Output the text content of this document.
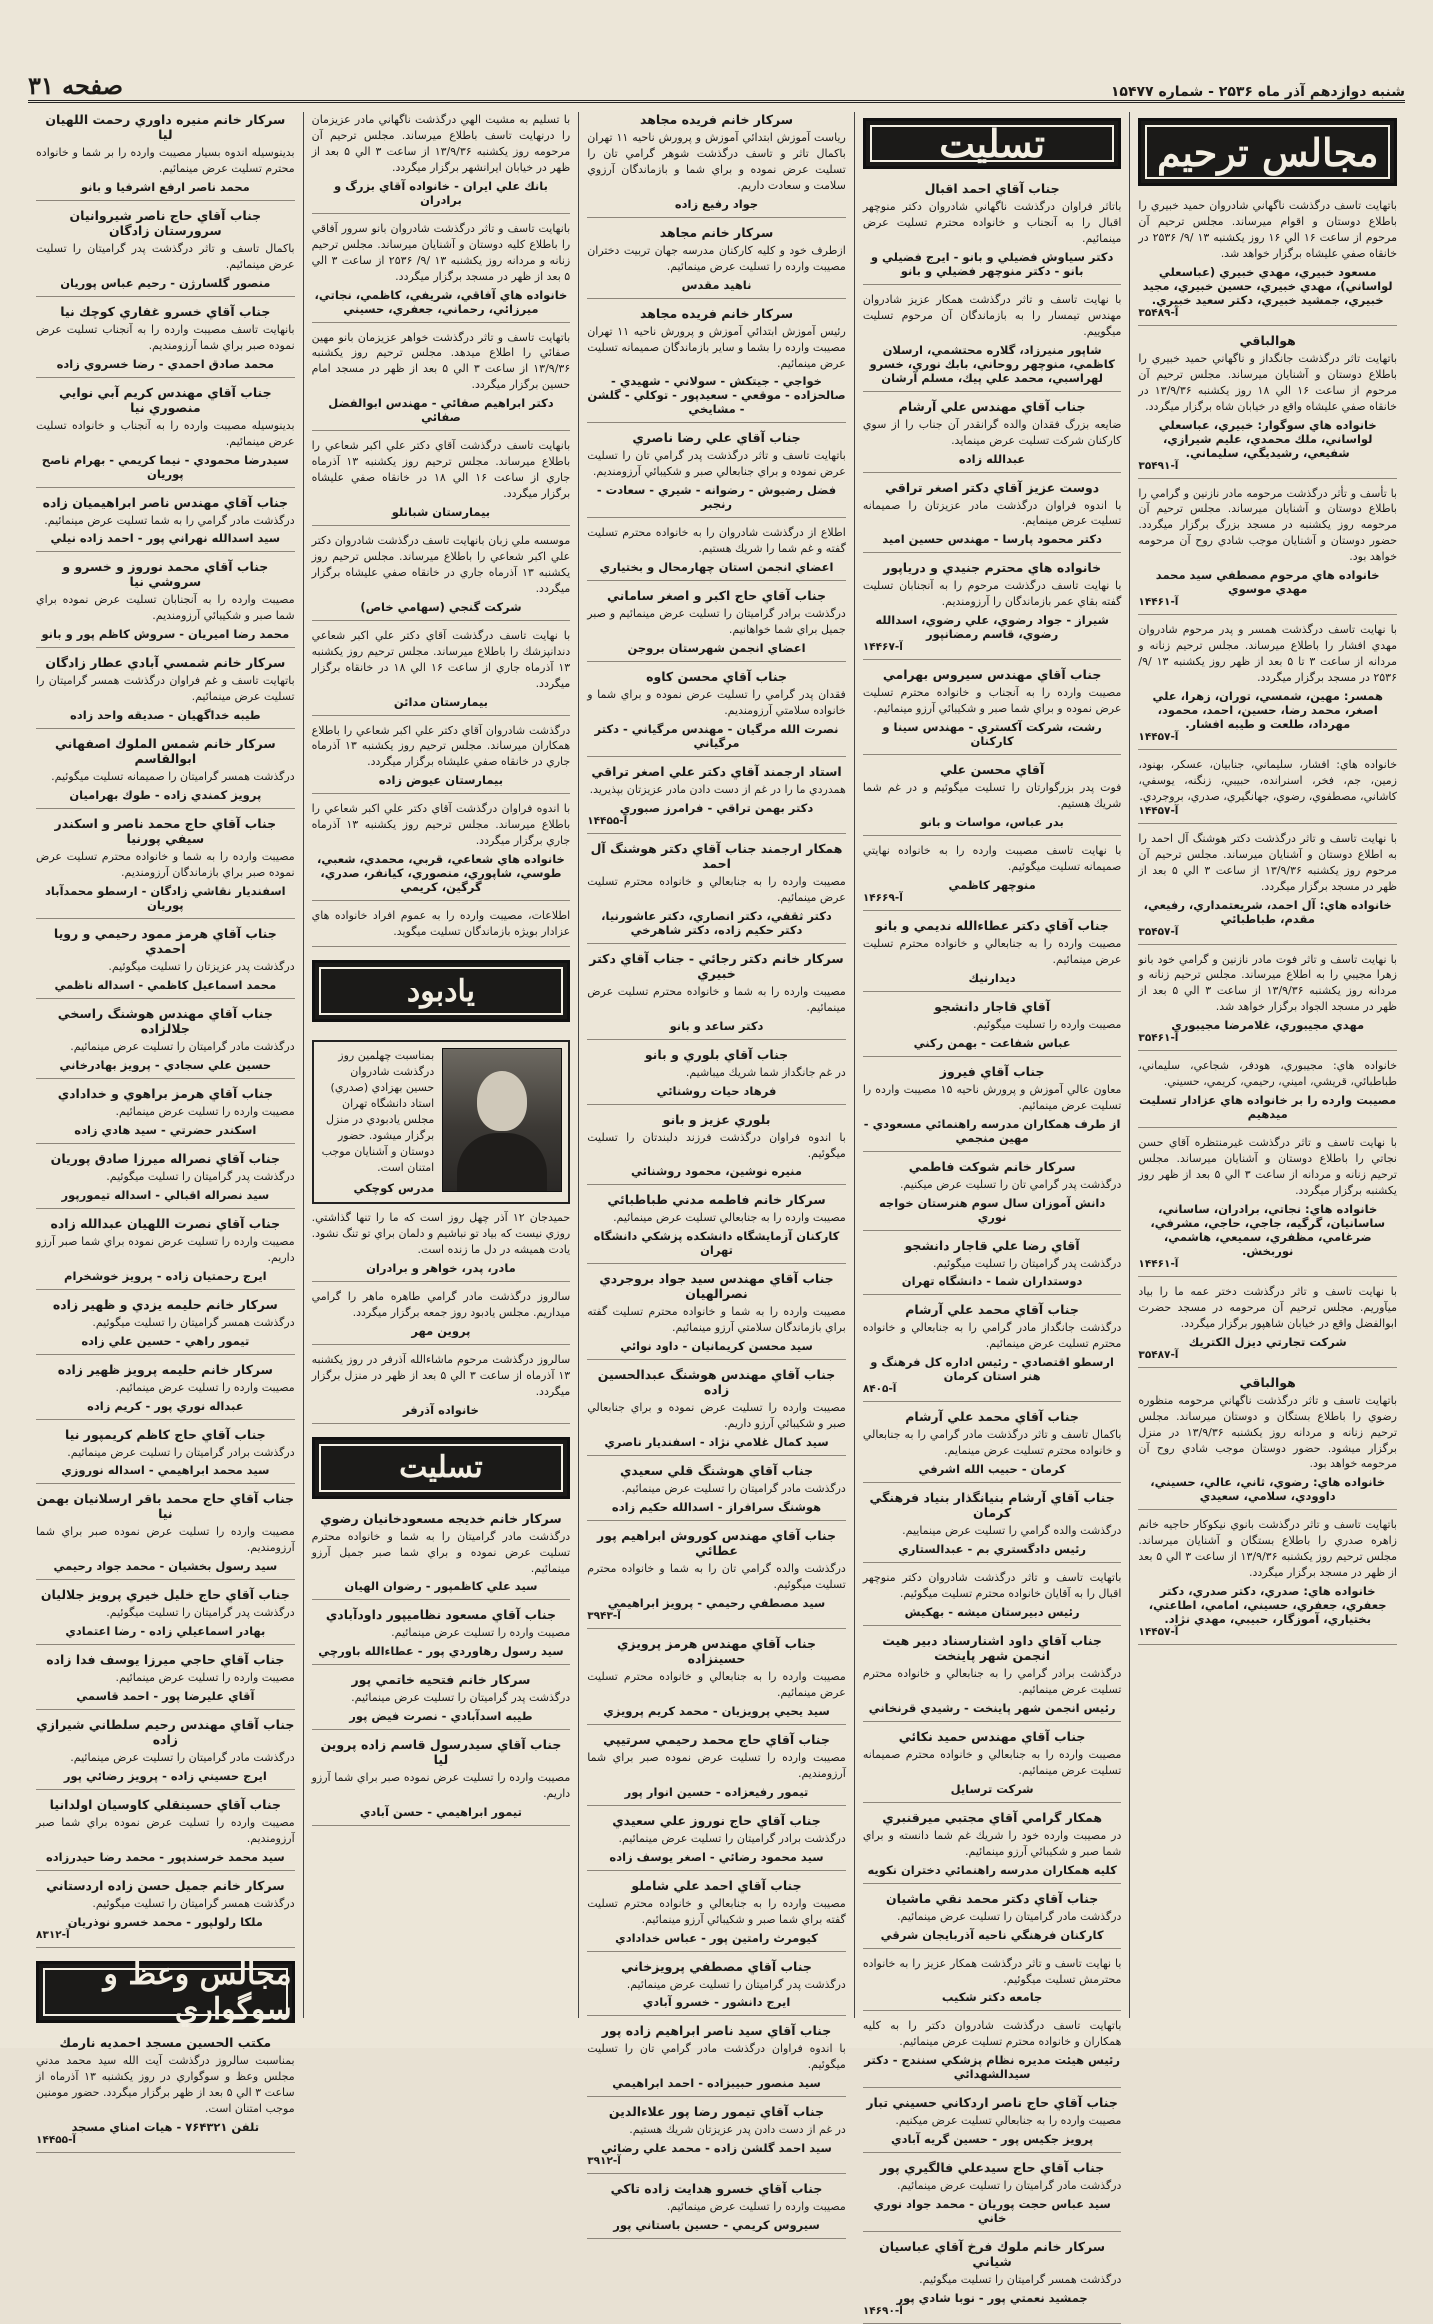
شنبه دوازدهم آذر ماه ۲۵۳۶ - شماره ۱۵۴۷۷
صفحه ۳۱
مجالس ترحيم

باتهايت تاسف درگذشت ناگهاني شادروان حميد خبيري را باطلاع دوستان و اقوام ميرساند. مجلس ترحيم آن مرحوم از ساعت ۱۶ الي ۱۶ روز يكشنبه ۱۳ /۹/ ۲۵۳۶ در خانقاه صفي عليشاه برگزار خواهد شد.

مسعود خبيري، مهدي خبيري (عباسعلي لواساني)، مهدي خبيري، حسين خبيري، مجيد خبيري، جمشيد خبيري، دكتر سعيد خبيري.
آ-۳۵۴۸۹
هوالباقي

باتهايت تاثر درگذشت جانگداز و ناگهاني حميد خبيري را باطلاع دوستان و آشنايان ميرساند. مجلس ترحيم آن مرحوم از ساعت ۱۶ الي ۱۸ روز يكشنبه ۱۳/۹/۳۶ در خانقاه صفي عليشاه واقع در خيابان شاه برگزار ميگردد.

خانواده هاي سوگوار: خبيري، عباسعلي لواساني، ملك محمدي، عليم شيرازي، شفيعي، رشيديگي، سليماني.
آ-۳۵۴۹۱

با تأسف و تأثر درگذشت مرحومه مادر نازنين و گرامي را باطلاع دوستان و آشنايان ميرساند. مجلس ترحيم آن مرحومه روز يكشنبه در مسجد بزرگ برگزار ميگردد. حضور دوستان و آشنايان موجب شادي روح آن مرحومه خواهد بود.

خانواده هاي مرحوم مصطفي سيد محمد مهدي موسوي
آ-۱۴۴۶۱

با نهايت تاسف درگذشت همسر و پدر مرحوم شادروان مهدي افشار را باطلاع ميرساند. مجلس ترحيم زنانه و مردانه از ساعت ۳ تا ۵ بعد از ظهر روز يكشنبه ۱۳ /۹/ ۲۵۳۶ در مسجد برگزار ميگردد.

همسر: مهين، شمسي، توران، زهرا، علي اصغر، محمد رضا، حسين، احمد، محمود، مهرداد، طلعت و طيبه افشار.
آ-۱۴۴۵۷

خانواده هاي: افشار، سليماني، جنابيان، عسكر، بهنود، زمين، جم، فخر، اسنرانده، حبيبي، زنگنه، يوسفي، كاشاني، مصطفوي، رضوي، جهانگيري، صدري، بروجردي.

آ-۱۴۴۵۷

با نهايت تاسف و تاثر درگذشت دكتر هوشنگ آل احمد را به اطلاع دوستان و آشنايان ميرساند. مجلس ترحيم آن مرحوم روز يكشنبه ۱۳/۹/۳۶ از ساعت ۳ الي ۵ بعد از ظهر در مسجد برگزار ميگردد.

خانواده هاي: آل احمد، شريعتمداري، رفيعي، مقدم، طباطبائي
آ-۳۵۴۵۷

با نهايت تاسف و تاثر فوت مادر نازنين و گرامي خود بانو زهرا مجيبي را به اطلاع ميرساند. مجلس ترحيم زنانه و مردانه روز يكشنبه ۱۳/۹/۳۶ از ساعت ۳ الي ۵ بعد از ظهر در مسجد الجواد برگزار خواهد شد.

مهدي مجيبوري، غلامرضا مجيبوري
آ-۳۵۴۶۱

خانواده هاي: مجيبوري، هودفر، شجاعي، سليماني، طباطبائي، قريشي، اميني، رحيمي، كريمي، حسيني.

مصيبت وارده را بر خانواده هاي عزادار تسليت ميدهيم

با نهايت تاسف و تاثر درگذشت غيرمنتظره آقاي حسن نجاتي را باطلاع دوستان و آشنايان ميرساند. مجلس ترحيم زنانه و مردانه از ساعت ۳ الي ۵ بعد از ظهر روز يكشنبه برگزار ميگردد.

خانواده هاي: نجاتي، برادران، ساساني، ساسانيان، گرگيه، جاجي، حاجي، مشرفي، ضرغامي، مظفري، سميعي، هاشمي، نوربخش.
آ-۱۴۴۶۱

با نهايت تاسف و تاثر درگذشت دختر عمه ما را بياد ميآوريم. مجلس ترحيم آن مرحومه در مسجد حضرت ابوالفضل واقع در خيابان شاهپور برگزار ميگردد.

شركت تجارتي ديزل الكتريك
آ-۳۵۴۸۷
هوالباقي

باتهايت تاسف و تاثر درگذشت ناگهاني مرحومه منظوره رضوي را باطلاع بستگان و دوستان ميرساند. مجلس ترحيم زنانه و مردانه روز يكشنبه ۱۳/۹/۳۶ در منزل برگزار ميشود. حضور دوستان موجب شادي روح آن مرحومه خواهد بود.

خانواده هاي: رضوي، ثاني، عالي، حسيني، داوودي، سلامي، سعيدي

باتهايت تاسف و تاثر درگذشت بانوي نيكوكار حاجيه خانم زاهره صدري را باطلاع بستگان و آشنايان ميرساند. مجلس ترحيم روز يكشنبه ۱۳/۹/۳۶ از ساعت ۳ الي ۵ بعد از ظهر در مسجد برگزار ميگردد.

خانواده هاي: صدري، دكتر صدري، دكتر جعفري، جعفري، حسيني، امامي، اطاعتي، بختياري، آموزگار، حبيبي، مهدي نژاد.
آ-۱۴۴۵۷
تسليت
جناب آقاي احمد اقبال

باتاثر فراوان درگذشت ناگهاني شادروان دكتر منوچهر اقبال را به آنجناب و خانواده محترم تسليت عرض مينمائيم.

دكتر سياوش فضيلي و بانو - ايرج فضيلي و بانو - دكتر منوچهر فضيلي و بانو

با نهايت تاسف و تاثر درگذشت همكار عزيز شادروان مهندس تيمسار را به بازماندگان آن مرحوم تسليت ميگوييم.

شاپور منيرزاد، گلاره محتشمي، ارسلان كاظمي، منوچهر روحاني، بابك نوري، خسرو لهراسبي، محمد علي پيك، مسلم آرشان
جناب آقاي مهندس علي آرشام

ضايعه بزرگ فقدان والده گرانقدر آن جناب را از سوي كاركنان شركت تسليت عرض مينمايد.

عبدالله زاده
دوست عزيز آقاي دكتر اصغر تراقي

با اندوه فراوان درگذشت مادر عزيزتان را صميمانه تسليت عرض مينمايم.

دكتر محمود پارسا - مهندس حسين اميد
خانواده هاي محترم جنيدي و درياپور

با نهايت تاسف درگذشت مرحوم را به آنجنابان تسليت گفته بقاي عمر بازماندگان را آرزومنديم.

شيراز - جواد رضوي، علي رضوي، اسدالله رضوي، قاسم رمضانپور
آ-۱۴۴۶۷
جناب آقاي مهندس سيروس بهرامي

مصيبت وارده را به آنجناب و خانواده محترم تسليت عرض نموده و براي شما صبر و شكيبائي آرزو مينمائيم.

رشت، شركت آكستري - مهندس سينا و كاركنان
آقاي محسن علي

فوت پدر بزرگوارتان را تسليت ميگوئيم و در غم شما شريك هستيم.

بدر عباس، مواسات و بانو

با نهايت تاسف مصيبت وارده را به خانواده نهايتي صميمانه تسليت ميگوئيم.

منوچهر كاظمي
آ-۱۴۶۶۹
جناب آقاي دكتر عطاءالله نديمي و بانو

مصيبت وارده را به جنابعالي و خانواده محترم تسليت عرض مينمائيم.

ديدارنيك
آقاي قاجار دانشجو

مصيبت وارده را تسليت ميگوئيم.

عباس شفاعت - بهمن ركني
جناب آقاي فيروز

معاون عالي آموزش و پرورش ناحيه ۱۵ مصيبت وارده را تسليت عرض مينمائيم.

از طرف همكاران مدرسه راهنمائي مسعودي - مهين منجمي
سركار خانم شوكت فاطمي

درگذشت پدر گرامي تان را تسليت عرض ميكنيم.

دانش آموزان سال سوم هنرستان خواجه نوري
آقاي رضا علي قاجار دانشجو

درگذشت پدر گراميتان را تسليت ميگوئيم.

دوستداران شما - دانشگاه تهران
جناب آقاي محمد علي آرشام

درگذشت جانگداز مادر گرامي را به جنابعالي و خانواده محترم تسليت عرض مينمائيم.

ارسطو اقتصادي - رئيس اداره كل فرهنگ و هنر استان كرمان
آ-۸۴۰۵
جناب آقاي محمد علي آرشام

باكمال تاسف و تاثر درگذشت مادر گرامي را به جنابعالي و خانواده محترم تسليت عرض مينمايم.

كرمان - حبيب الله اشرفي
جناب آقاي آرشام بنيانگذار بنياد فرهنگي كرمان

درگذشت والده گرامي را تسليت عرض مينماييم.

رئيس دادگستري بم - عبدالستاري

باتهايت تاسف و تاثر درگذشت شادروان دكتر منوچهر اقبال را به آقايان خانواده محترم تسليت ميگوئيم.

رئيس دبيرستان ميشه - بهكيش
جناب آقاي داود اشنارسناد دبير هيت انجمن شهر پاينخت

درگذشت برادر گرامي را به جنابعالي و خانواده محترم تسليت عرض مينمائيم.

رئيس انجمن شهر پاينخت - رشيدي قرنخاني
جناب آقاي مهندس حميد نكائي

مصيبت وارده را به جنابعالي و خانواده محترم صميمانه تسليت عرض مينمائيم.

شركت ترسايل
همكار گرامي آقاي مجتبي ميرقنبري

در مصيبت وارده خود را شريك غم شما دانسته و براي شما صبر و شكيبائي آرزو مينمائيم.

كليه همكاران مدرسه راهنمائي دختران نكويه
جناب آقاي دكتر محمد نقي ماشيان

درگذشت مادر گراميتان را تسليت عرض مينمائيم.

كاركنان فرهنگي ناحيه آذربايجان شرقي

با نهايت تاسف و تاثر درگذشت همكار عزيز را به خانواده محترمش تسليت ميگوئيم.

جامعه دكتر شكيب

باتهايت تاسف درگذشت شادروان دكتر را به كليه همكاران و خانواده محترم تسليت عرض مينمائيم.

رئيس هيئت مديره نظام پزشكي سنندج - دكتر سيدالشهدائي
جناب آقاي حاج ناصر اردكاني حسيني تبار

مصيبت وارده را به جنابعالي تسليت عرض ميكنيم.

پرويز جكيس پور - حسين گريه آبادي
جناب آقاي حاج سيدعلي فالگيري پور

درگذشت مادر گراميتان را تسليت عرض مينمائيم.

سيد عباس حجت پوريان - محمد جواد نوري خاني
سركار خانم ملوك فرخ آقاي عباسيان شياني

درگذشت همسر گراميتان را تسليت ميگوئيم.

جمشيد نعمتي پور - نوبا شادي پور
آ-۱۴۶۹۰
سركار خانم فريده مجاهد

رياست آموزش ابتدائي آموزش و پرورش ناحيه ۱۱ تهران باكمال تاثر و تاسف درگذشت شوهر گرامي تان را تسليت عرض نموده و براي شما و بازماندگان آرزوي سلامت و سعادت داريم.

جواد رفيع زاده
سركار خانم مجاهد

ازطرف خود و كليه كاركنان مدرسه جهان تربيت دختران مصيبت وارده را تسليت عرض مينمائيم.

ناهيد مقدس
سركار خانم فريده مجاهد

رئيس آموزش ابتدائي آموزش و پرورش ناحيه ۱۱ تهران مصيبت وارده را بشما و ساير بازماندگان صميمانه تسليت عرض مينمائيم.

خواجي - جيتكش - سولاني - شهيدي - صالحزاده - موقعي - سعيدپور - توكلي - گلشن - مشايخي
جناب آقاي علي رضا ناصري

باتهايت تاسف و تاثر درگذشت پدر گرامي تان را تسليت عرض نموده و براي جنابعالي صبر و شكيبائي آرزومنديم.

فضل رضيوش - رضوانه - شيري - سعادت - رنجبر

اطلاع از درگذشت شادروان را به خانواده محترم تسليت گفته و غم شما را شريك هستيم.

اعضاي انجمن استان چهارمحال و بختياري
جناب آقاي حاج اكبر و اصغر ساماني

درگذشت برادر گراميتان را تسليت عرض مينمائيم و صبر جميل براي شما خواهانيم.

اعضاي انجمن شهرستان بروجن
جناب آقاي محسن كاوه

فقدان پدر گرامي را تسليت عرض نموده و براي شما و خانواده سلامتي آرزومنديم.

نصرت الله مرگيان - مهندس مرگياني - دكتر مرگياني
استاد ارجمند آقاي دكتر علي اصغر تراقي

همدردي ما را در غم از دست دادن مادر عزيزتان بپذيريد.

دكتر بهمن تراقي - فرامرز صبوري
آ-۱۴۴۵۵
همكار ارجمند جناب آقاي دكتر هوشنگ آل احمد

مصيبت وارده را به جنابعالي و خانواده محترم تسليت عرض مينمائيم.

دكتر ثقفي، دكتر انصاري، دكتر عاشورنيا، دكتر حكيم زاده، دكتر شاهرخي
سركار خانم دكتر رجائي - جناب آقاي دكتر خبيري

مصيبت وارده را به شما و خانواده محترم تسليت عرض مينمائيم.

دكتر ساعد و بانو
جناب آقاي بلوري و بانو

در غم جانگداز شما شريك ميباشيم.

فرهاد حيات روشنائي
بلوري عزيز و بانو

با اندوه فراوان درگذشت فرزند دلبندتان را تسليت ميگوئيم.

منيره نوشين، محمود روشنائي
سركار خانم فاطمه مدني طباطبائي

مصيبت وارده را به جنابعالي تسليت عرض مينمائيم.

كاركنان آزمايشگاه دانشكده پزشكي دانشگاه تهران
جناب آقاي مهندس سيد جواد بروجردي نصرالهيان

مصيبت وارده را به شما و خانواده محترم تسليت گفته براي بازماندگان سلامتي آرزو مينمائيم.

سيد محسن كريمانيان - داود نوائي
جناب آقاي مهندس هوشنگ عبدالحسين زاده

مصيبت وارده را تسليت عرض نموده و براي جنابعالي صبر و شكيبائي آرزو داريم.

سيد كمال غلامي نژاد - اسفنديار ناصري
جناب آقاي هوشنگ قلي سعيدي

درگذشت مادر گراميتان را تسليت عرض مينمائيم.

هوشنگ سرافراز - اسدالله حكيم زاده
جناب آقاي مهندس كوروش ابراهيم پور عطائي

درگذشت والده گرامي تان را به شما و خانواده محترم تسليت ميگوئيم.

سيد مصطفي رحيمي - پرويز ابراهيمي
آ-۳۹۴۳
جناب آقاي مهندس هرمز پرويزي حسينزاده

مصيبت وارده را به جنابعالي و خانواده محترم تسليت عرض مينمائيم.

سيد يحيي پرويزيان - محمد كريم پرويزي
جناب آقاي حاج محمد رحيمي سرتيپي

مصيبت وارده را تسليت عرض نموده صبر براي شما آرزومنديم.

تيمور رفيعزاده - حسين انوار پور
جناب آقاي حاج نوروز علي سعيدي

درگذشت برادر گراميتان را تسليت عرض مينمائيم.

سيد محمود رضائي - اصغر يوسف زاده
جناب آقاي احمد علي شاملو

مصيبت وارده را به جنابعالي و خانواده محترم تسليت گفته براي شما صبر و شكيبائي آرزو مينمائيم.

كيومرث رامتين پور - عباس خدادادي
جناب آقاي مصطفي پرويزخاني

درگذشت پدر گراميتان را تسليت عرض مينمائيم.

ايرج دانشور - خسرو آبادي
جناب آقاي سيد ناصر ابراهيم زاده پور

با اندوه فراوان درگذشت مادر گرامي تان را تسليت ميگوئيم.

سيد منصور حبيبزاده - احمد ابراهيمي
جناب آقاي تيمور رضا پور علاءالدين

در غم از دست دادن پدر عزيزتان شريك هستيم.

سيد احمد گلشن زاده - محمد علي رضائي
آ-۳۹۱۲
جناب آقاي خسرو هدايت زاده تاكي

مصيبت وارده را تسليت عرض مينمائيم.

سيروس كريمي - حسين باستاني پور

با تسليم به مشيت الهي درگذشت ناگهاني مادر عزيزمان را درنهايت تاسف باطلاع ميرساند. مجلس ترحيم آن مرحومه روز يكشنبه ۱۳/۹/۳۶ از ساعت ۳ الي ۵ بعد از ظهر در خيابان ايرانشهر برگزار ميگردد.

بانك علي ايران - خانواده آقاي بزرگ و برادران

بانهايت تاسف و تاثر درگذشت شادروان بانو سرور آفاقي را باطلاع كليه دوستان و آشنايان ميرساند. مجلس ترحيم زنانه و مردانه روز يكشنبه ۱۳ /۹/ ۲۵۳۶ از ساعت ۳ الي ۵ بعد از ظهر در مسجد برگزار ميگردد.

خانواده هاي آفاقي، شريفي، كاظمي، نجاتي، ميرزائي، رحماني، جعفري، حسيني

باتهايت تاسف و تاثر درگذشت خواهر عزيزمان بانو مهين صفائي را اطلاع ميدهد. مجلس ترحيم روز يكشنبه ۱۳/۹/۳۶ از ساعت ۳ الي ۵ بعد از ظهر در مسجد امام حسين برگزار ميگردد.

دكتر ابراهيم صفائي - مهندس ابوالفضل صفائي

بانهايت تاسف درگذشت آقاي دكتر علي اكبر شعاعي را باطلاع ميرساند. مجلس ترحيم روز يكشنبه ۱۳ آذرماه جاري از ساعت ۱۶ الي ۱۸ در خانقاه صفي عليشاه برگزار ميگردد.

بيمارستان شبانلو

موسسه ملي زبان بانهايت تاسف درگذشت شادروان دكتر علي اكبر شعاعي را باطلاع ميرساند. مجلس ترحيم روز يكشنبه ۱۳ آذرماه جاري در خانقاه صفي عليشاه برگزار ميگردد.

شركت گنجي (سهامي خاص)

با نهايت تاسف درگذشت آقاي دكتر علي اكبر شعاعي دندانپزشك را باطلاع ميرساند. مجلس ترحيم روز يكشنبه ۱۳ آذرماه جاري از ساعت ۱۶ الي ۱۸ در خانقاه برگزار ميگردد.

بيمارستان مدائن

درگذشت شادروان آقاي دكتر علي اكبر شعاعي را باطلاع همكاران ميرساند. مجلس ترحيم روز يكشنبه ۱۳ آذرماه جاري در خانقاه صفي عليشاه برگزار ميگردد.

بيمارستان عيوض زاده

با اندوه فراوان درگذشت آقاي دكتر علي اكبر شعاعي را باطلاع ميرساند. مجلس ترحيم روز يكشنبه ۱۳ آذرماه جاري برگزار ميگردد.

خانواده هاي شعاعي، قربي، محمدي، شعبي، طوسي، شاپوري، منصوري، كيانفر، صدري، گرگين، كريمي

اطلاعات، مصيبت وارده را به عموم افراد خانواده هاي عزادار بويژه بازماندگان تسليت ميگويد.

يادبود
بمناسبت چهلمين روز درگذشت شادروان حسين بهزادي (صدري) استاد دانشگاه تهران مجلس يادبودي در منزل برگزار ميشود. حضور دوستان و آشنايان موجب امتنان است.
مدرس كوچكي

حميدجان ۱۲ آذر چهل روز است كه ما را تنها گذاشتي. روزي نيست كه بياد تو نباشيم و دلمان براي تو تنگ نشود. يادت هميشه در دل ما زنده است.

مادر، پدر، خواهر و برادران

سالروز درگذشت مادر گرامي طاهره ماهر را گرامي ميداريم. مجلس يادبود روز جمعه برگزار ميگردد.

پروين مهر

سالروز درگذشت مرحوم ماشاءالله آذرفر در روز يكشنبه ۱۳ آذرماه از ساعت ۳ الي ۵ بعد از ظهر در منزل برگزار ميگردد.

خانواده آذرفر
تسليت
سركار خانم خديجه مسعودخانيان رضوي

درگذشت مادر گراميتان را به شما و خانواده محترم تسليت عرض نموده و براي شما صبر جميل آرزو مينمائيم.

سيد علي كاظمپور - رضوان الهيان
جناب آقاي مسعود نظاميپور داودآبادي

مصيبت وارده را تسليت عرض مينمائيم.

سيد رسول رهاوردي پور - عطاءالله باورچي
سركار خانم فتحيه خاتمي پور

درگذشت پدر گراميتان را تسليت عرض مينمائيم.

طيبه اسدآبادي - نصرت فيض پور
جناب آقاي سيدرسول قاسم زاده پروين ليا

مصيبت وارده را تسليت عرض نموده صبر براي شما آرزو داريم.

تيمور ابراهيمي - حسن آبادي
سركار خانم منيره داوري رحمت اللهيان ليا

بدينوسيله اندوه بسيار مصيبت وارده را بر شما و خانواده محترم تسليت عرض مينمائيم.

محمد ناصر ارفع اشرفيا و بانو
جناب آقاي حاج ناصر شيروانيان سرورستان زادگان

باكمال تاسف و تاثر درگذشت پدر گراميتان را تسليت عرض مينمائيم.

منصور گلسارژن - رحيم عباس پوريان
جناب آقاي خسرو غفاري كوچك نيا

بانهايت تاسف مصيبت وارده را به آنجناب تسليت عرض نموده صبر براي شما آرزومنديم.

محمد صادق احمدي - رضا خسروي زاده
جناب آقاي مهندس كريم آبي نوايي منصوري نيا

بدينوسيله مصيبت وارده را به آنجناب و خانواده تسليت عرض مينمائيم.

سيدرضا محمودي - نيما كريمي - بهرام ناصح پوريان
جناب آقاي مهندس ناصر ابراهيميان زاده

درگذشت مادر گرامي را به شما تسليت عرض مينمائيم.

سيد اسدالله نهراني پور - احمد زاده نيلي
جناب آقاي محمد نوروز و خسرو و سروشي نيا

مصيبت وارده را به آنجنابان تسليت عرض نموده براي شما صبر و شكيبائي آرزومنديم.

محمد رضا اميريان - سروش كاظم پور و بانو
سركار خانم شمسي آبادي عطار زادگان

باتهايت تاسف و غم فراوان درگذشت همسر گراميتان را تسليت عرض مينمائيم.

طيبه خداگهيان - صديقه واحد زاده
سركار خانم شمس الملوك اصفهاني ابوالقاسم

درگذشت همسر گراميتان را صميمانه تسليت ميگوئيم.

پرويز كمندي زاده - طوك بهراميان
جناب آقاي حاج محمد ناصر و اسكندر سيفي پورنيا

مصيبت وارده را به شما و خانواده محترم تسليت عرض نموده صبر براي بازماندگان آرزومنديم.

اسفنديار نقاشي زادگان - ارسطو محمدآباد پوريان
جناب آقاي هرمز ممود رحيمي و رويا احمدي

درگذشت پدر عزيزتان را تسليت ميگوئيم.

محمد اسماعيل كاظمي - اسداله ناظمي
جناب آقاي مهندس هوشنگ راسخي جلالزاده

درگذشت مادر گراميتان را تسليت عرض مينمائيم.

حسين علي سجادي - پرويز بهادرخاني
جناب آقاي هرمز براهوي و خدادادي

مصيبت وارده را تسليت عرض مينمائيم.

اسكندر حضرتي - سيد هادي زاده
جناب آقاي نصراله ميرزا صادق پوريان

درگذشت پدر گراميتان را تسليت ميگوئيم.

سيد نصراله اقبالي - اسداله تيمورپور
جناب آقاي نصرت اللهيان عبدالله زاده

مصيبت وارده را تسليت عرض نموده براي شما صبر آرزو داريم.

ايرج رحمتيان زاده - پرويز خوشخرام
سركار خانم حليمه يزدي و ظهير زاده

درگذشت همسر گراميتان را تسليت ميگوئيم.

تيمور راهي - حسين علي زاده
سركار خانم حليمه پرويز ظهير زاده

مصيبت وارده را تسليت عرض مينمائيم.

عبداله نوري پور - كريم زاده
جناب آقاي حاج كاظم كريمپور نيا

درگذشت برادر گراميتان را تسليت عرض مينمائيم.

سيد محمد ابراهيمي - اسداله نوروزي
جناب آقاي حاج محمد باقر ارسلانيان بهمن نيا

مصيبت وارده را تسليت عرض نموده صبر براي شما آرزومنديم.

سيد رسول بخشيان - محمد جواد رحيمي
جناب آقاي حاج خليل خيري پرويز جلاليان

درگذشت پدر گراميتان را تسليت ميگوئيم.

بهادر اسماعيلي زاده - رضا اعتمادي
جناب آقاي حاجي ميرزا يوسف فدا زاده

مصيبت وارده را تسليت عرض مينمائيم.

آقاي عليرضا پور - احمد قاسمي
جناب آقاي مهندس رحيم سلطاني شيرازي زاده

درگذشت مادر گراميتان را تسليت عرض مينمائيم.

ايرج حسيني زاده - پرويز رضائي پور
جناب آقاي حسينقلي كاوسيان اولدانيا

مصيبت وارده را تسليت عرض نموده براي شما صبر آرزومنديم.

سيد محمد خرسندپور - محمد رضا حيدرزاده
سركار خانم جميل حسن زاده اردستاني

درگذشت همسر گراميتان را تسليت ميگوئيم.

ملكا رلولپور - محمد خسرو نوذريان
آ-۸۳۱۲
مجالس وعظ و سوگواري
مكتب الحسين مسجد احمديه نارمك

بمناسبت سالروز درگذشت آيت الله سيد محمد مدني مجلس وعظ و سوگواري در روز يكشنبه ۱۳ آذرماه از ساعت ۳ الي ۵ بعد از ظهر برگزار ميگردد. حضور مومنين موجب امتنان است.

تلفن ۷۶۴۳۲۱ - هيات امناي مسجد
آ-۱۴۴۵۵
